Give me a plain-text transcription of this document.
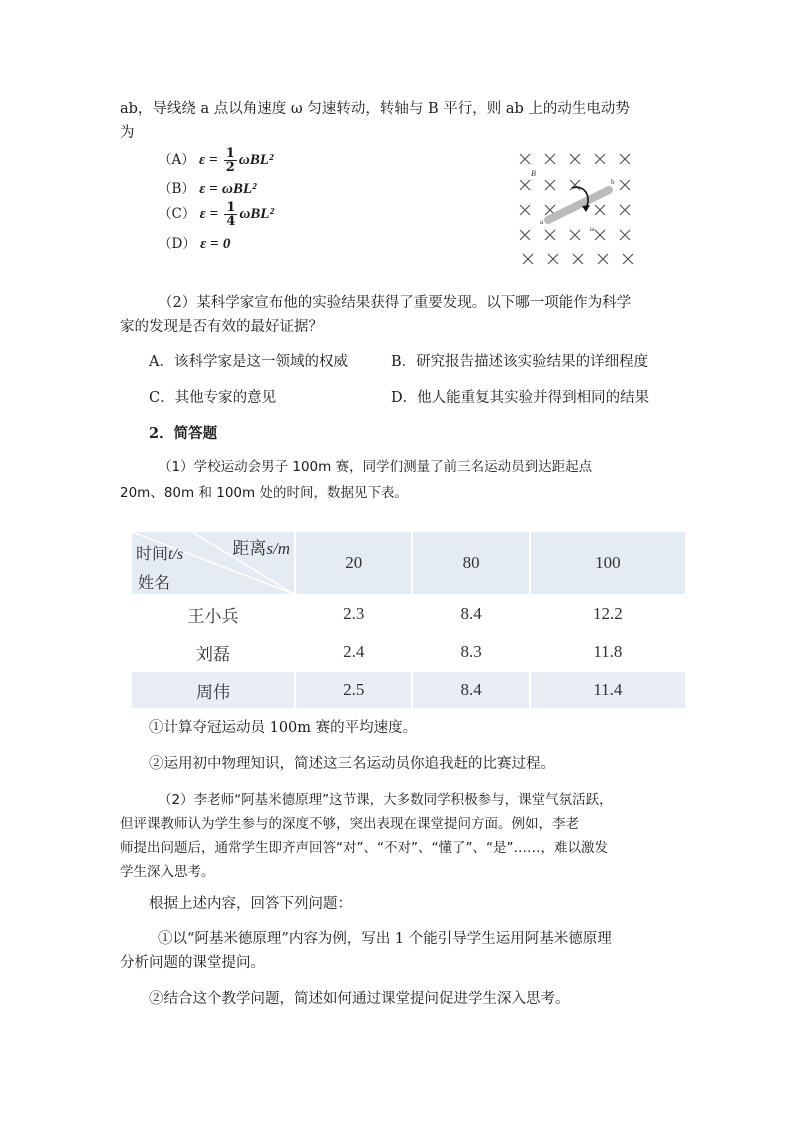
ab，导线绕 a 点以角速度 ω 匀速转动，转轴与 B 平行，则 ab 上的动生电动势
为
（A） $\varepsilon = \frac{1}{2} \omega BL^2$
（B） ε = ωBL²
（C） $\varepsilon = \frac{1}{4} \omega BL^2$
（D） ε = 0
B
a
b
ω
（2）某科学家宣布他的实验结果获得了重要发现。以下哪一项能作为科学
家的发现是否有效的最好证据？
A．该科学家是这一领域的权威	B．研究报告描述该实验结果的详细程度
C．其他专家的意见	D．他人能重复其实验并得到相同的结果
2．简答题
（1）学校运动会男子 100m 赛，同学们测量了前三名运动员到达距起点
20m、80m 和 100m 处的时间，数据见下表。
距离s/m
时间t/s
姓名	20	80	100
王小兵	2.3	8.4	12.2
刘磊	2.4	8.3	11.8
周伟	2.5	8.4	11.4
①计算夺冠运动员 100m 赛的平均速度。
②运用初中物理知识，简述这三名运动员你追我赶的比赛过程。
（2）李老师“阿基米德原理”这节课，大多数同学积极参与，课堂气氛活跃，
但评课教师认为学生参与的深度不够，突出表现在课堂提问方面。例如，李老
师提出问题后，通常学生即齐声回答“对”、“不对”、“懂了”、“是”……，难以激发
学生深入思考。
根据上述内容，回答下列问题：
①以“阿基米德原理”内容为例，写出 1 个能引导学生运用阿基米德原理
分析问题的课堂提问。
②结合这个教学问题，简述如何通过课堂提问促进学生深入思考。
